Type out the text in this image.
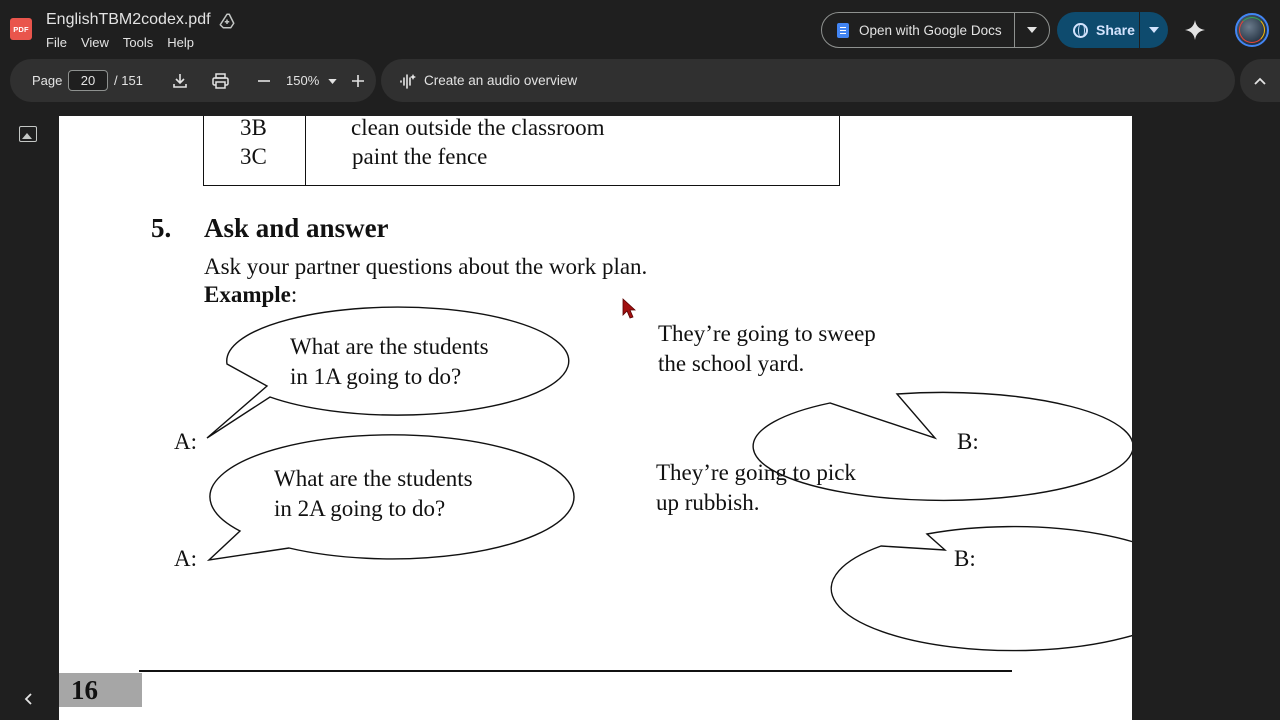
PDF
EnglishTBM2codex.pdf
File View Tools Help
Open with Google Docs	Share
Page	20	/ 151	150%	Create an audio overview
3B	clean outside the classroom
3C	paint the fence
5. Ask and answer
Ask your partner questions about the work plan.
Example:
What are the students
in 1A going to do?
They’re going to sweep
the school yard.
What are the students
in 2A going to do?
They’re going to pick
up rubbish.
A:	B:
A:	B:
16
